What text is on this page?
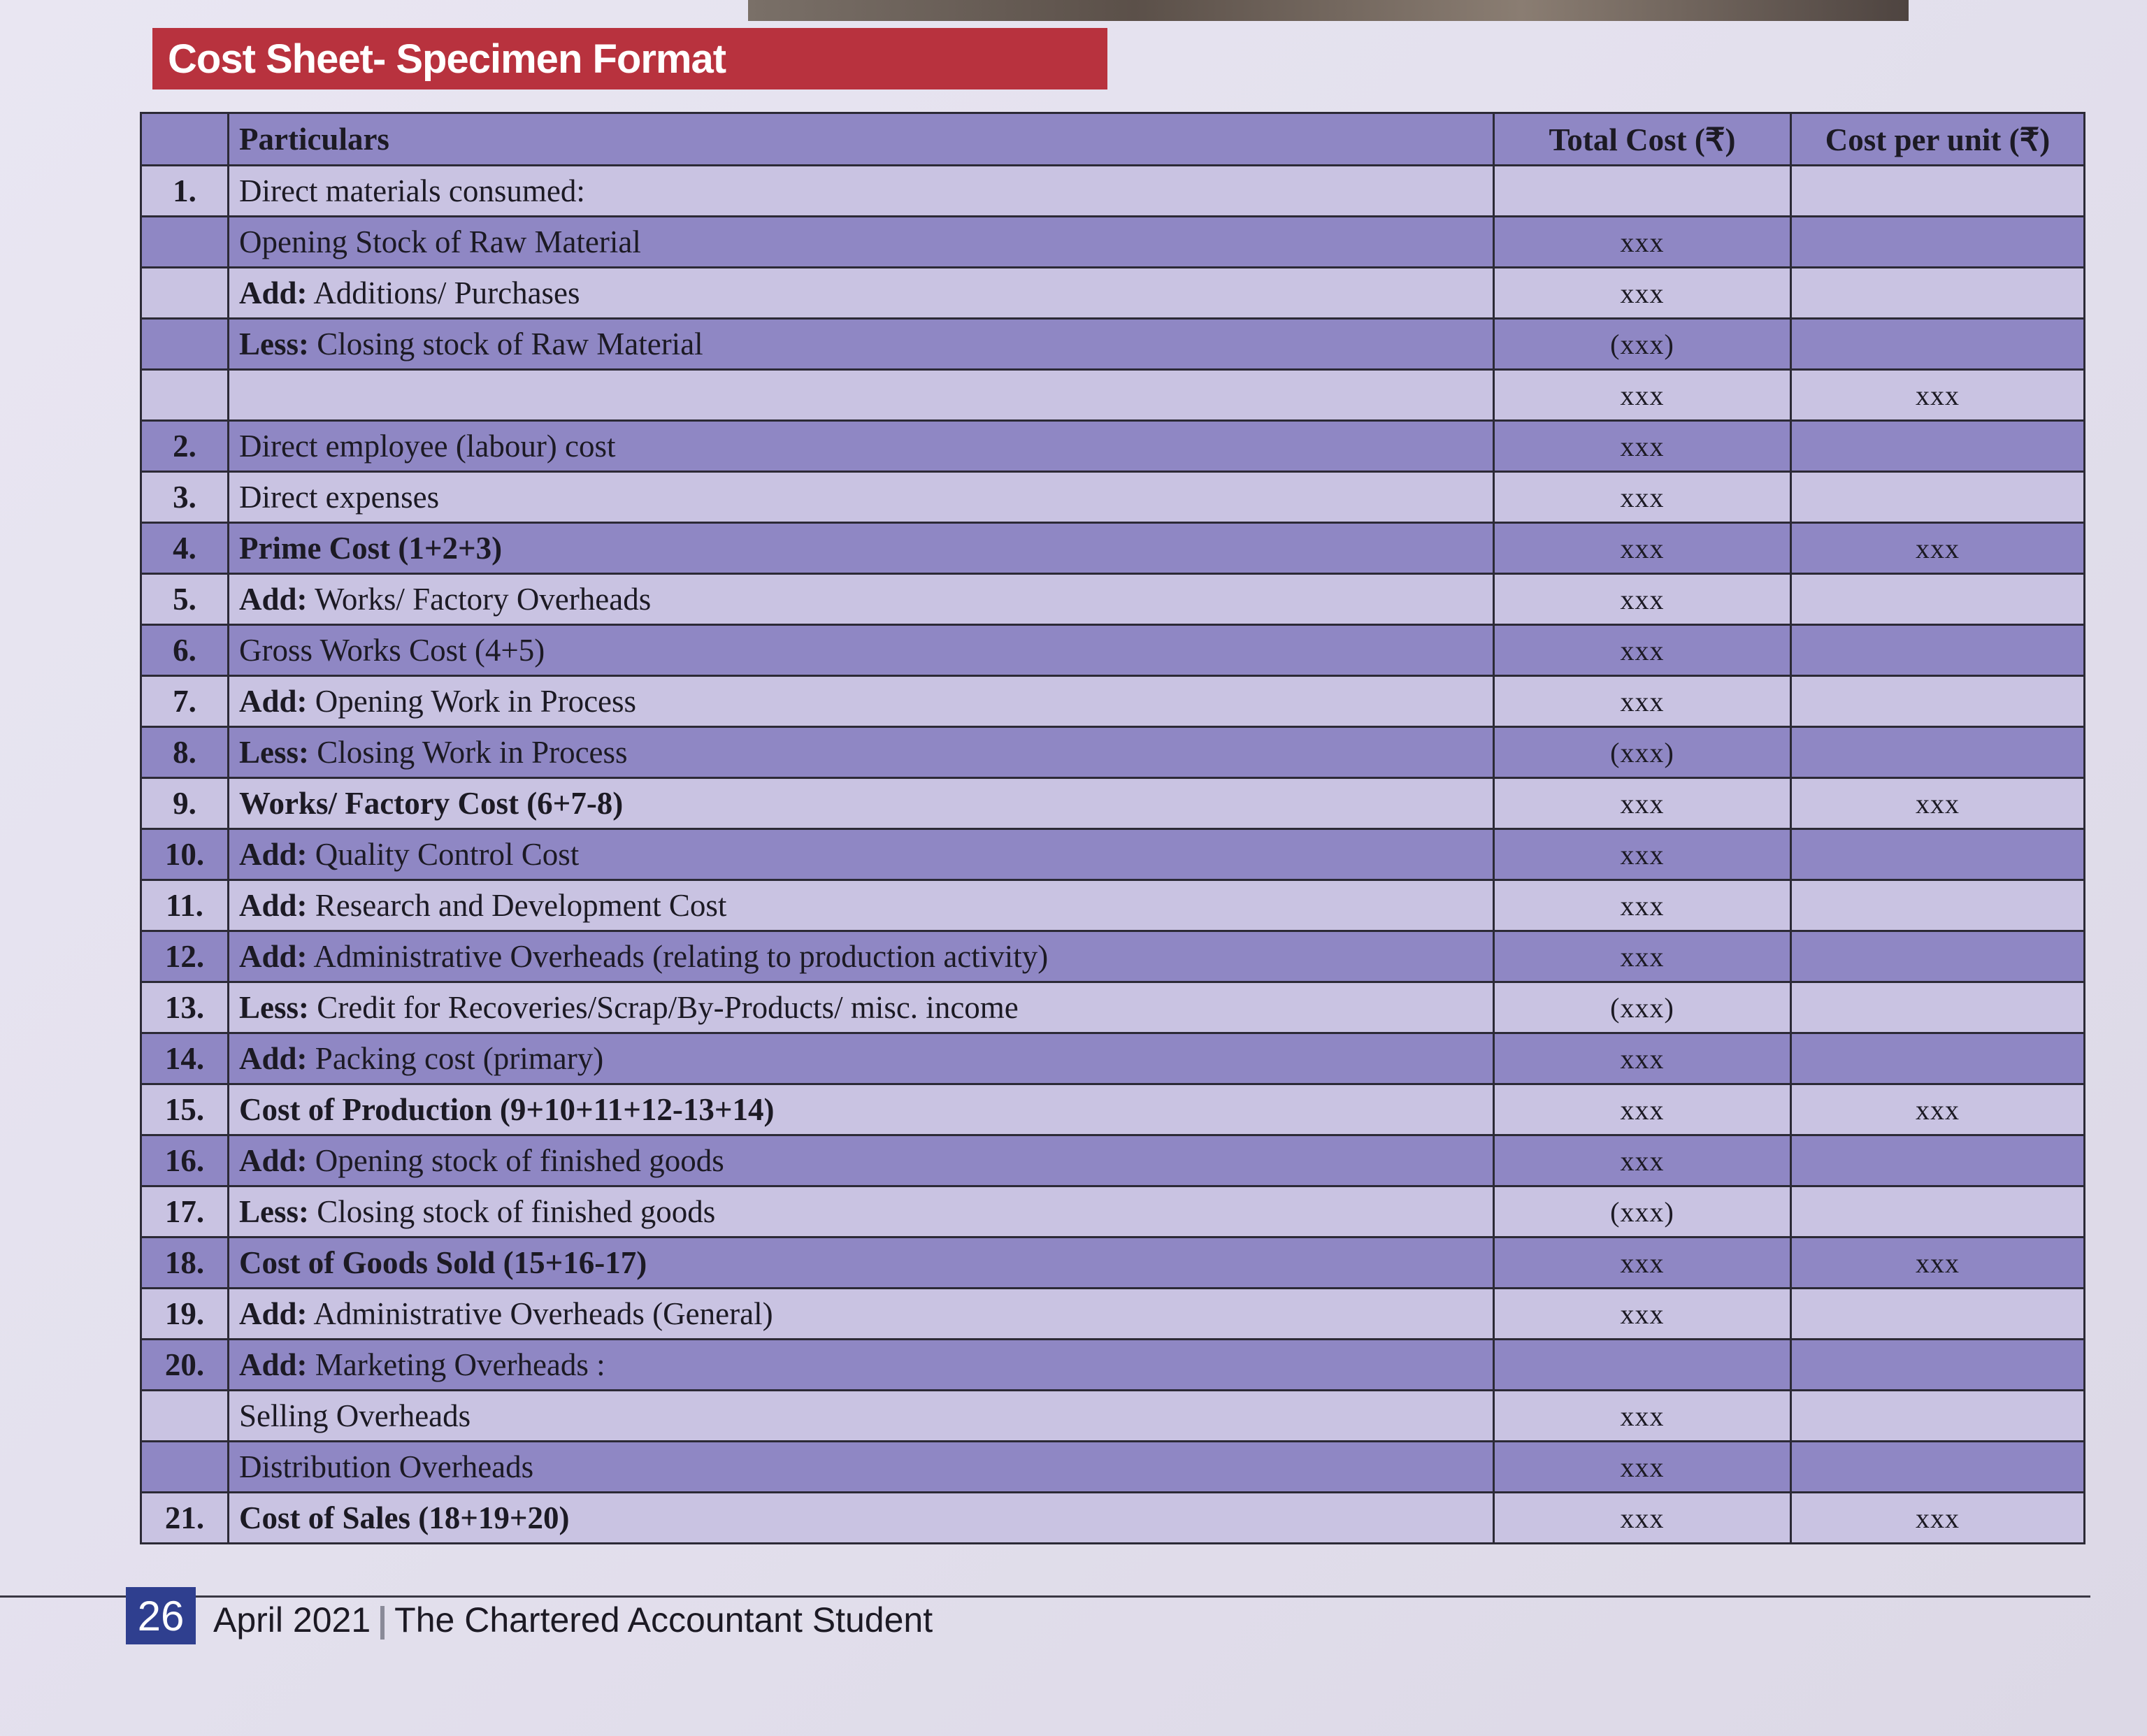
Cost Sheet- Specimen Format
	Particulars	Total Cost (₹)	Cost per unit (₹)
1.	Direct materials consumed:		
	Opening Stock of Raw Material	xxx	
	Add: Additions/ Purchases	xxx	
	Less: Closing stock of Raw Material	(xxx)	
		xxx	xxx
2.	Direct employee (labour) cost	xxx	
3.	Direct expenses	xxx	
4.	Prime Cost (1+2+3)	xxx	xxx
5.	Add: Works/ Factory Overheads	xxx	
6.	Gross Works Cost (4+5)	xxx	
7.	Add: Opening Work in Process	xxx	
8.	Less: Closing Work in Process	(xxx)	
9.	Works/ Factory Cost (6+7-8)	xxx	xxx
10.	Add: Quality Control Cost	xxx	
11.	Add: Research and Development Cost	xxx	
12.	Add: Administrative Overheads (relating to production activity)	xxx	
13.	Less: Credit for Recoveries/Scrap/By-Products/ misc. income	(xxx)	
14.	Add: Packing cost (primary)	xxx	
15.	Cost of Production (9+10+11+12-13+14)	xxx	xxx
16.	Add: Opening stock of finished goods	xxx	
17.	Less: Closing stock of finished goods	(xxx)	
18.	Cost of Goods Sold (15+16-17)	xxx	xxx
19.	Add: Administrative Overheads (General)	xxx	
20.	Add: Marketing Overheads :		
	Selling Overheads	xxx	
	Distribution Overheads	xxx	
21.	Cost of Sales (18+19+20)	xxx	xxx
26 April 2021 The Chartered Accountant Student
